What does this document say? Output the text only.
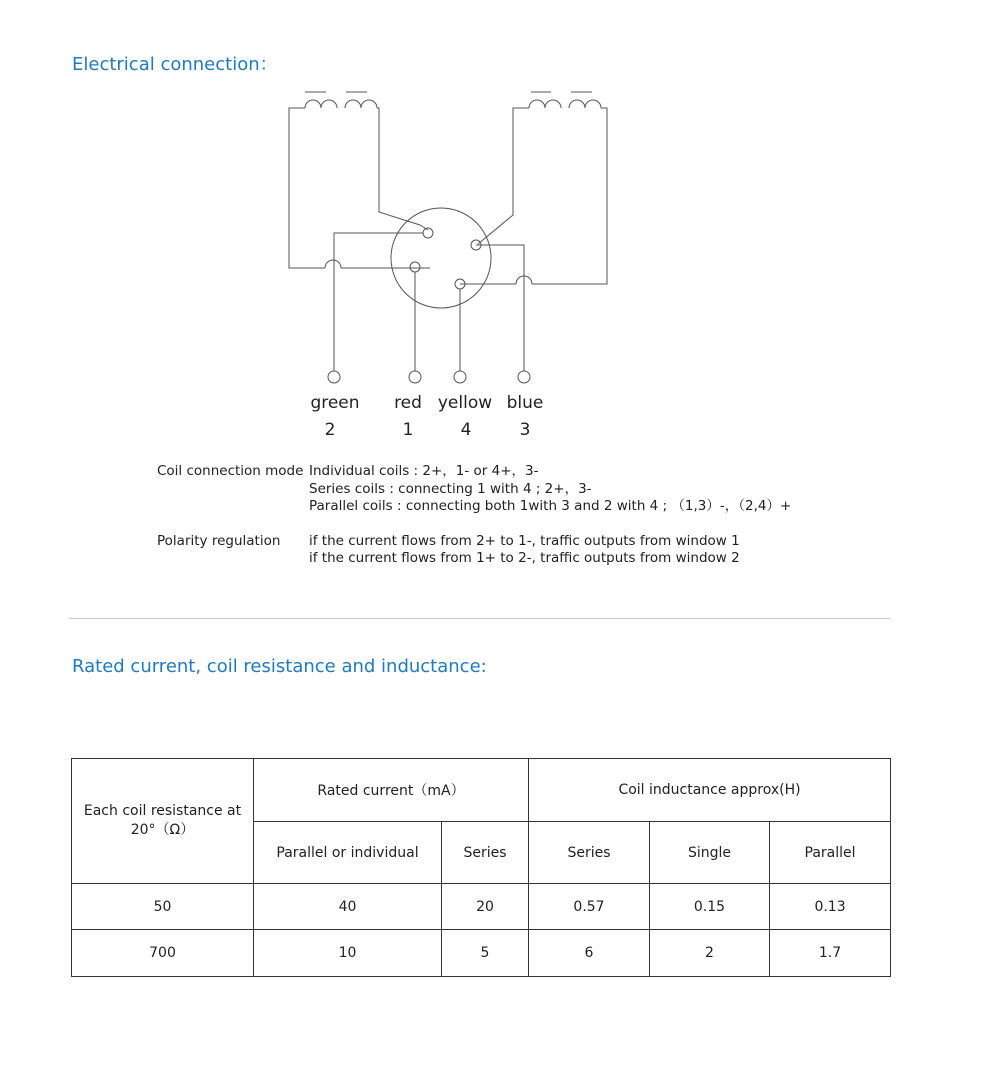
Electrical connection：
green red yellow blue
2	1	4	3
Coil connection mode Individual coils : 2+，1- or 4+，3-
Series coils : connecting 1 with 4 ; 2+，3-
Parallel coils : connecting both 1with 3 and 2 with 4 ; （1,3）-，（2,4）+
Polarity regulation if the current flows from 2+ to 1-, traffic outputs from window 1
if the current flows from 1+ to 2-, traffic outputs from window 2
Rated current, coil resistance and inductance:
Each coil resistance at
20°（Ω）	Rated current（mA）		Coil inductance approx(H)		
	Parallel or individual	Series	Series	Single	Parallel
50	40	20	0.57	0.15	0.13
700	10	5	6	2	1.7
